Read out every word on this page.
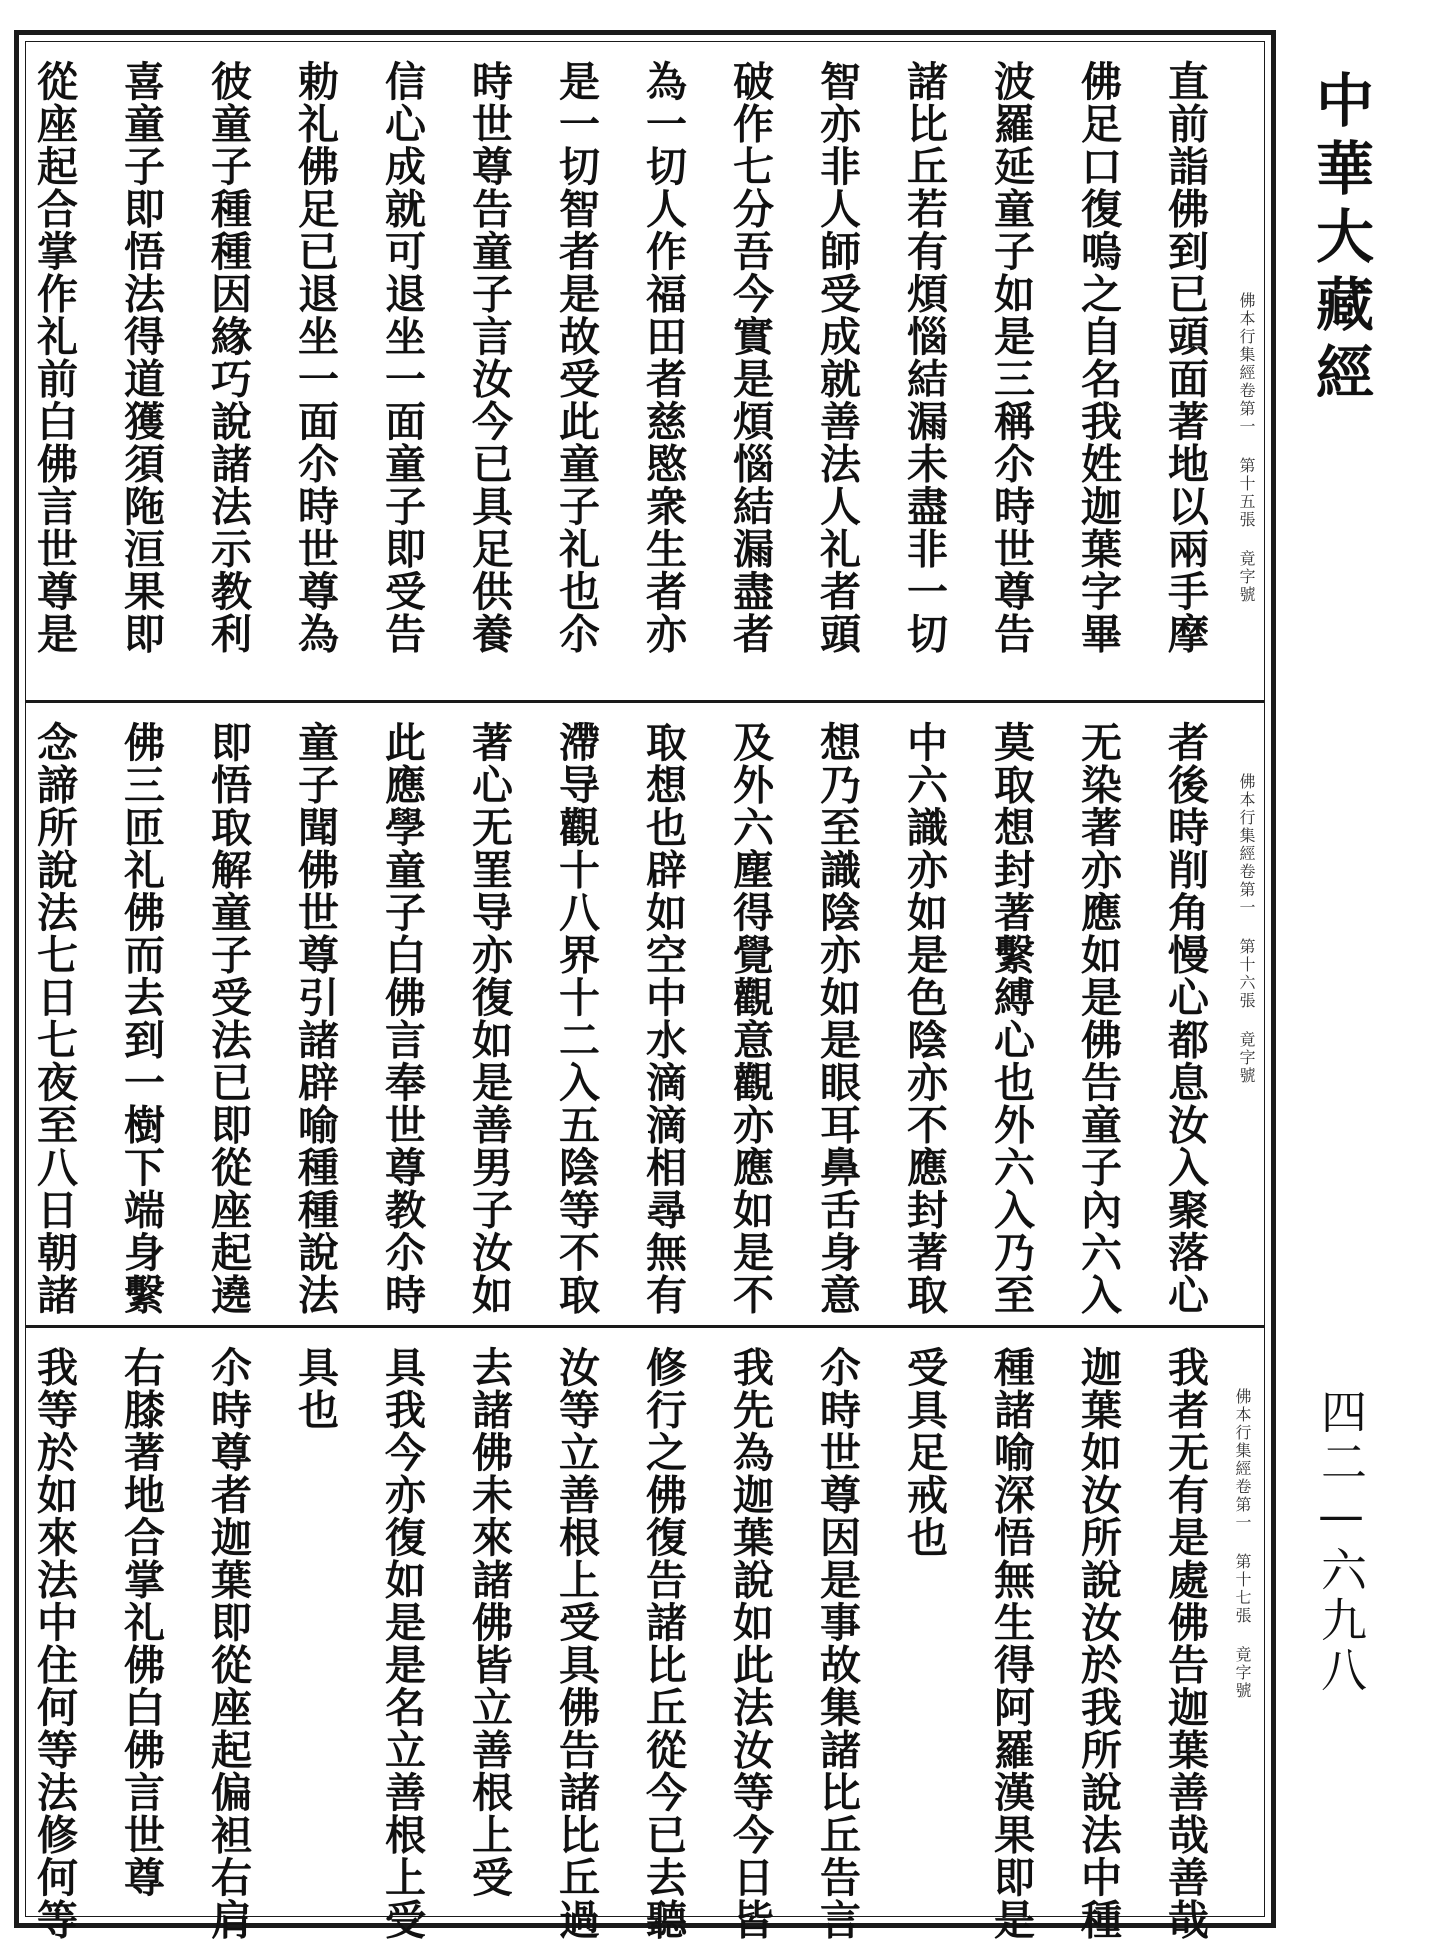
直前詣佛到已頭面著地以兩手摩
佛足口復嗚之自名我姓迦葉字畢
波羅延童子如是三稱尒時世尊告
諸比丘若有煩惱結漏未盡非一切
智亦非人師受成就善法人礼者頭
破作七分吾今實是煩惱結漏盡者
為一切人作福田者慈愍衆生者亦
是一切智者是故受此童子礼也尒
時世尊告童子言汝今已具足供養
信心成就可退坐一面童子即受告
勅礼佛足已退坐一面尒時世尊為
彼童子種種因緣巧說諸法示教利
喜童子即悟法得道獲須陁洹果即
從座起合掌作礼前白佛言世尊是	佛本行集經卷第一 第十五張 竟字號
者後時削角慢心都息汝入聚落心
无染著亦應如是佛告童子內六入
莫取想封著繫縛心也外六入乃至
中六識亦如是色陰亦不應封著取
想乃至識陰亦如是眼耳鼻舌身意
及外六塵得覺觀意觀亦應如是不
取想也辟如空中水滴滴相尋無有
滯导觀十八界十二入五陰等不取
著心无罣导亦復如是善男子汝如
此應學童子白佛言奉世尊教尒時
童子聞佛世尊引諸辟喻種種說法
即悟取解童子受法已即從座起遶
佛三匝礼佛而去到一樹下端身繫
念諦所說法七日七夜至八日朝諸	佛本行集經卷第一 第十六張 竟字號
我者无有是處佛告迦葉善哉善哉
迦葉如汝所說汝於我所說法中種
種諸喻深悟無生得阿羅漢果即是
受具足戒也
尒時世尊因是事故集諸比丘告言
我先為迦葉說如此法汝等今日皆
修行之佛復告諸比丘從今已去聽
汝等立善根上受具佛告諸比丘過
去諸佛未來諸佛皆立善根上受
具我今亦復如是是名立善根上受
具也
尒時尊者迦葉即從座起偏袒右肩
右膝著地合掌礼佛白佛言世尊
我等於如來法中住何等法修何等	佛本行集經卷第一 第十七張 竟字號
中華大藏經
四二—六九八
